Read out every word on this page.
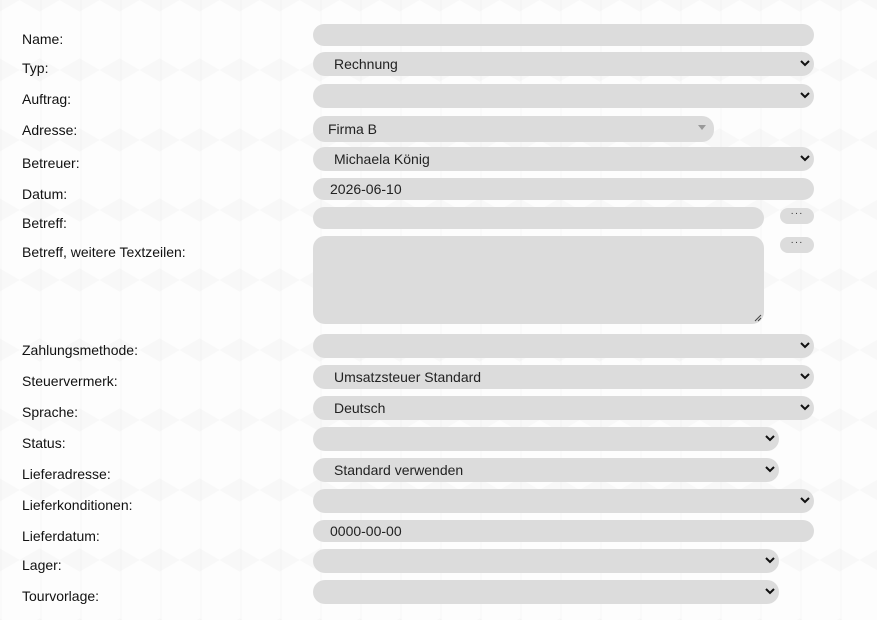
Name:
Typ:	Rechnung
Auftrag:
Adresse:	Firma B
Betreuer:	Michaela König
Datum:	2026-06-10
Betreff:
···
Betreff, weitere Textzeilen:
···
Zahlungsmethode:
Steuervermerk:	Umsatzsteuer Standard
Sprache:	Deutsch
Status:
Lieferadresse:	Standard verwenden
Lieferkonditionen:
Lieferdatum:	0000-00-00
Lager:
Tourvorlage:
